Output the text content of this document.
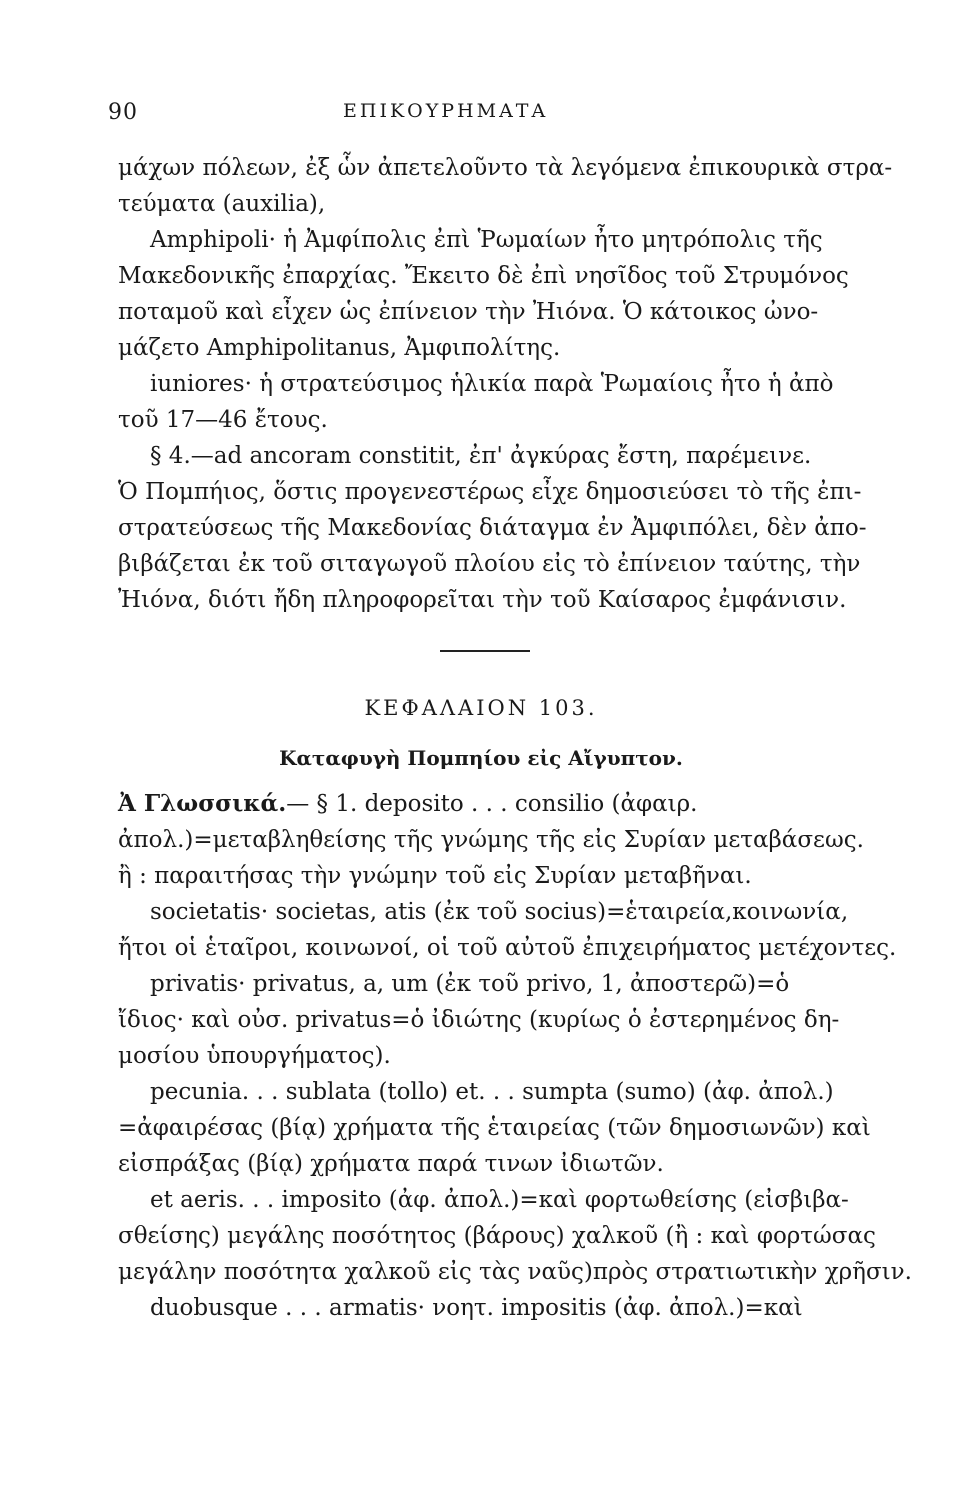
90	ΕΠΙΚΟΥΡΗΜΑΤΑ
μάχων πόλεων, ἐξ ὧν ἀπετελοῦντο τὰ λεγόμενα ἐπικουρικὰ στρα-
τεύματα (auxilia),
Amphipoli· ἡ Ἀμφίπολις ἐπὶ Ῥωμαίων ἦτο μητρόπολις τῆς
Μακεδονικῆς ἐπαρχίας. Ἔκειτο δὲ ἐπὶ νησῖδος τοῦ Στρυμόνος
ποταμοῦ καὶ εἶχεν ὡς ἐπίνειον τὴν Ἠιόνα. Ὁ κάτοικος ὠνο-
μάζετο Amphipolitanus, Ἀμφιπολίτης.
iuniores· ἡ στρατεύσιμος ἡλικία παρὰ Ῥωμαίοις ἦτο ἡ ἀπὸ
τοῦ 17—46 ἔτους.
§ 4.—ad ancoram constitit, ἐπ' ἀγκύρας ἔστη, παρέμεινε.
Ὁ Πομπήιος, ὅστις προγενεστέρως εἶχε δημοσιεύσει τὸ τῆς ἐπι-
στρατεύσεως τῆς Μακεδονίας διάταγμα ἐν Ἀμφιπόλει, δὲν ἀπο-
βιβάζεται ἐκ τοῦ σιταγωγοῦ πλοίου εἰς τὸ ἐπίνειον ταύτης, τὴν
Ἠιόνα, διότι ἤδη πληροφορεῖται τὴν τοῦ Καίσαρος ἐμφάνισιν.
ΚΕΦΑΛΑΙΟΝ 103.
Καταφυγὴ Πομπηίου εἰς Αἴγυπτον.
Ἀ Γλωσσικά.— § 1. deposito . . . consilio (ἀφαιρ.
ἀπολ.)=μεταβληθείσης τῆς γνώμης τῆς εἰς Συρίαν μεταβάσεως.
ἢ : παραιτήσας τὴν γνώμην τοῦ εἰς Συρίαν μεταβῆναι.
societatis· societas, atis (ἐκ τοῦ socius)=ἑταιρεία,κοινωνία,
ἤτοι οἱ ἑταῖροι, κοινωνοί, οἱ τοῦ αὐτοῦ ἐπιχειρήματος μετέχοντες.
privatis· privatus, a, um (ἐκ τοῦ privo, 1, ἀποστερῶ)=ὁ
ἴδιος· καὶ οὐσ. privatus=ὁ ἰδιώτης (κυρίως ὁ ἐστερημένος δη-
μοσίου ὑπουργήματος).
pecunia. . . sublata (tollo) et. . . sumpta (sumo) (ἀφ. ἀπολ.)
=ἀφαιρέσας (βίᾳ) χρήματα τῆς ἑταιρείας (τῶν δημοσιωνῶν) καὶ
εἰσπράξας (βίᾳ) χρήματα παρά τινων ἰδιωτῶν.
et aeris. . . imposito (ἀφ. ἀπολ.)=καὶ φορτωθείσης (εἰσβιβα-
σθείσης) μεγάλης ποσότητος (βάρους) χαλκοῦ (ἢ : καὶ φορτώσας
μεγάλην ποσότητα χαλκοῦ εἰς τὰς ναῦς)πρὸς στρατιωτικὴν χρῆσιν.
duobusque . . . armatis· νοητ. impositis (ἀφ. ἀπολ.)=καὶ
